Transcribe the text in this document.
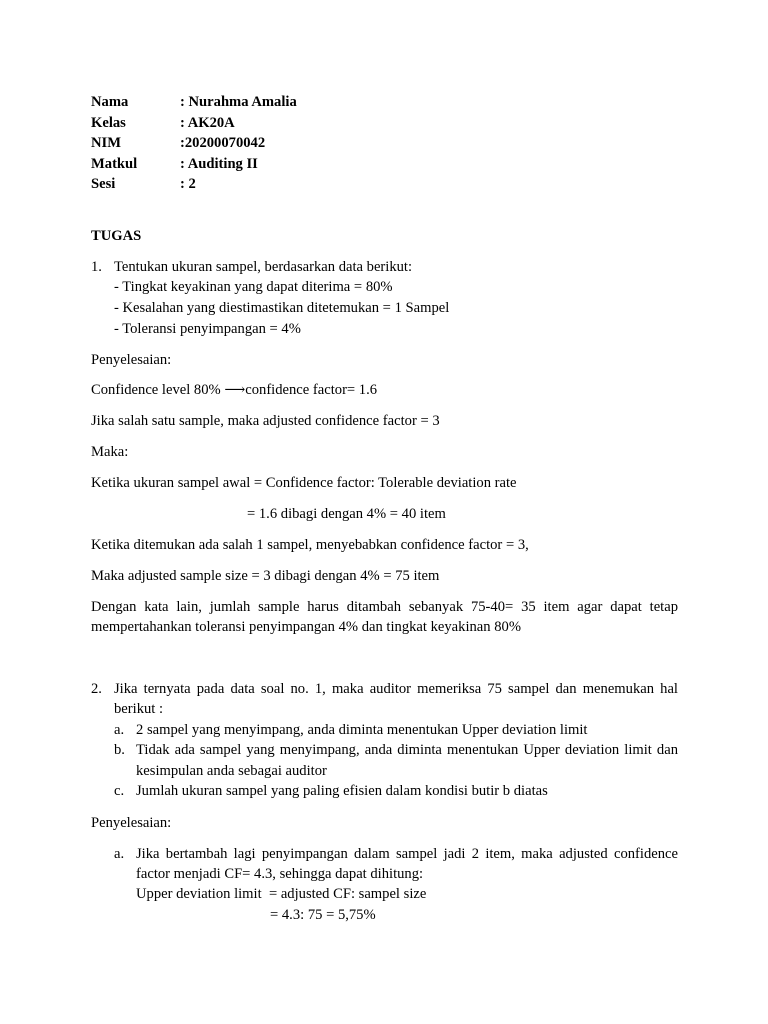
Nama	: Nurahma Amalia
Kelas	: AK20A
NIM	:20200070042
Matkul	: Auditing II
Sesi	: 2
TUGAS
1. Tentukan ukuran sampel, berdasarkan data berikut:
- Tingkat keyakinan yang dapat diterima = 80%
- Kesalahan yang diestimastikan ditetemukan = 1 Sampel
- Toleransi penyimpangan = 4%
Penyelesaian:
Confidence level 80% ⟶confidence factor= 1.6
Jika salah satu sample, maka adjusted confidence factor = 3
Maka:
Ketika ukuran sampel awal = Confidence factor: Tolerable deviation rate
= 1.6 dibagi dengan 4% = 40 item
Ketika ditemukan ada salah 1 sampel, menyebabkan confidence factor = 3,
Maka adjusted sample size = 3 dibagi dengan 4% = 75 item
Dengan kata lain, jumlah sample harus ditambah sebanyak 75-40= 35 item agar dapat tetap
mempertahankan toleransi penyimpangan 4% dan tingkat keyakinan 80%
2. Jika ternyata pada data soal no. 1, maka auditor memeriksa 75 sampel dan menemukan hal
berikut :
a. 2 sampel yang menyimpang, anda diminta menentukan Upper deviation limit
b. Tidak ada sampel yang menyimpang, anda diminta menentukan Upper deviation limit dan
kesimpulan anda sebagai auditor
c. Jumlah ukuran sampel yang paling efisien dalam kondisi butir b diatas
Penyelesaian:
a. Jika bertambah lagi penyimpangan dalam sampel jadi 2 item, maka adjusted confidence
factor menjadi CF= 4.3, sehingga dapat dihitung:
Upper deviation limit  = adjusted CF: sampel size
= 4.3: 75 = 5,75%
